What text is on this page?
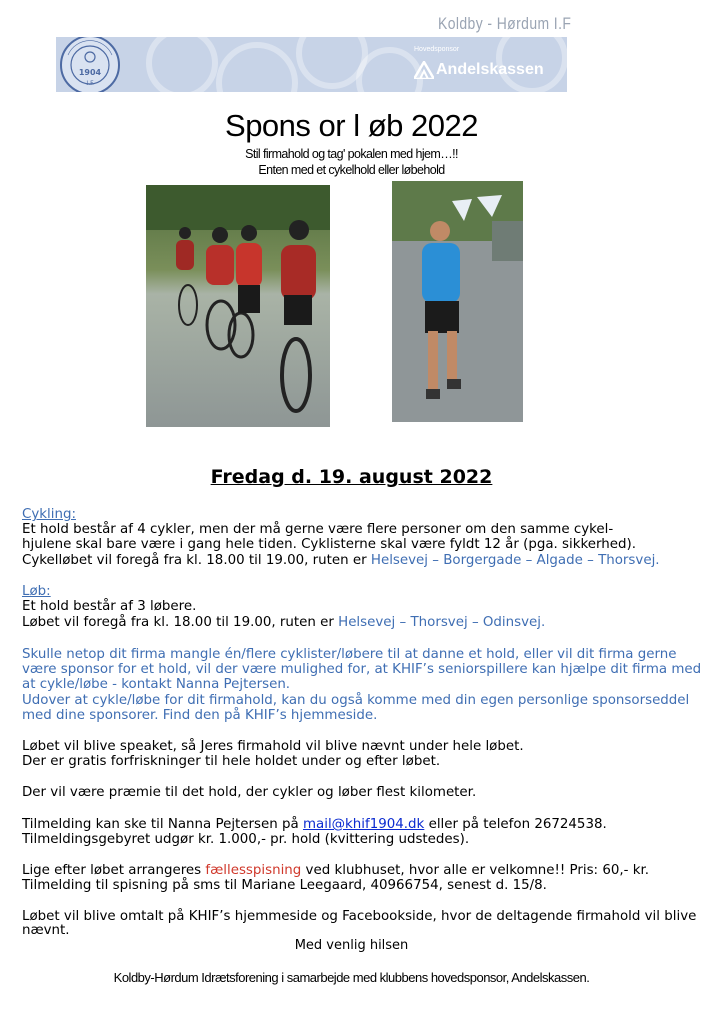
Koldby - Hørdum I.F
1904
I.F
Hovedsponsor
Andelskassen
Spons or l øb 2022
Stil firmahold og tag' pokalen med hjem…!!
Enten med et cykelhold eller løbehold
Fredag d. 19. august 2022
Cykling:
Et hold består af 4 cykler, men der må gerne være flere personer om den samme cykel-
hjulene skal bare være i gang hele tiden. Cyklisterne skal være fyldt 12 år (pga. sikkerhed).
Cykelløbet vil foregå fra kl. 18.00 til 19.00, ruten er Helsevej – Borgergade – Algade – Thorsvej.
Løb:
Et hold består af 3 løbere.
Løbet vil foregå fra kl. 18.00 til 19.00, ruten er Helsevej – Thorsvej – Odinsvej.
Skulle netop dit firma mangle én/flere cyklister/løbere til at danne et hold, eller vil dit firma gerne
være sponsor for et hold, vil der være mulighed for, at KHIF’s seniorspillere kan hjælpe dit firma med
at cykle/løbe - kontakt Nanna Pejtersen.
Udover at cykle/løbe for dit firmahold, kan du også komme med din egen personlige sponsorseddel
med dine sponsorer. Find den på KHIF’s hjemmeside.
Løbet vil blive speaket, så Jeres firmahold vil blive nævnt under hele løbet.
Der er gratis forfriskninger til hele holdet under og efter løbet.
Der vil være præmie til det hold, der cykler og løber flest kilometer.
Tilmelding kan ske til Nanna Pejtersen på mail@khif1904.dk eller på telefon 26724538.
Tilmeldingsgebyret udgør kr. 1.000,- pr. hold (kvittering udstedes).
Lige efter løbet arrangeres fællesspisning ved klubhuset, hvor alle er velkomne!! Pris: 60,- kr.
Tilmelding til spisning på sms til Mariane Leegaard, 40966754, senest d. 15/8.
Løbet vil blive omtalt på KHIF’s hjemmeside og Facebookside, hvor de deltagende firmahold vil blive
nævnt.
Med venlig hilsen
Koldby-Hørdum Idrætsforening i samarbejde med klubbens hovedsponsor, Andelskassen.
